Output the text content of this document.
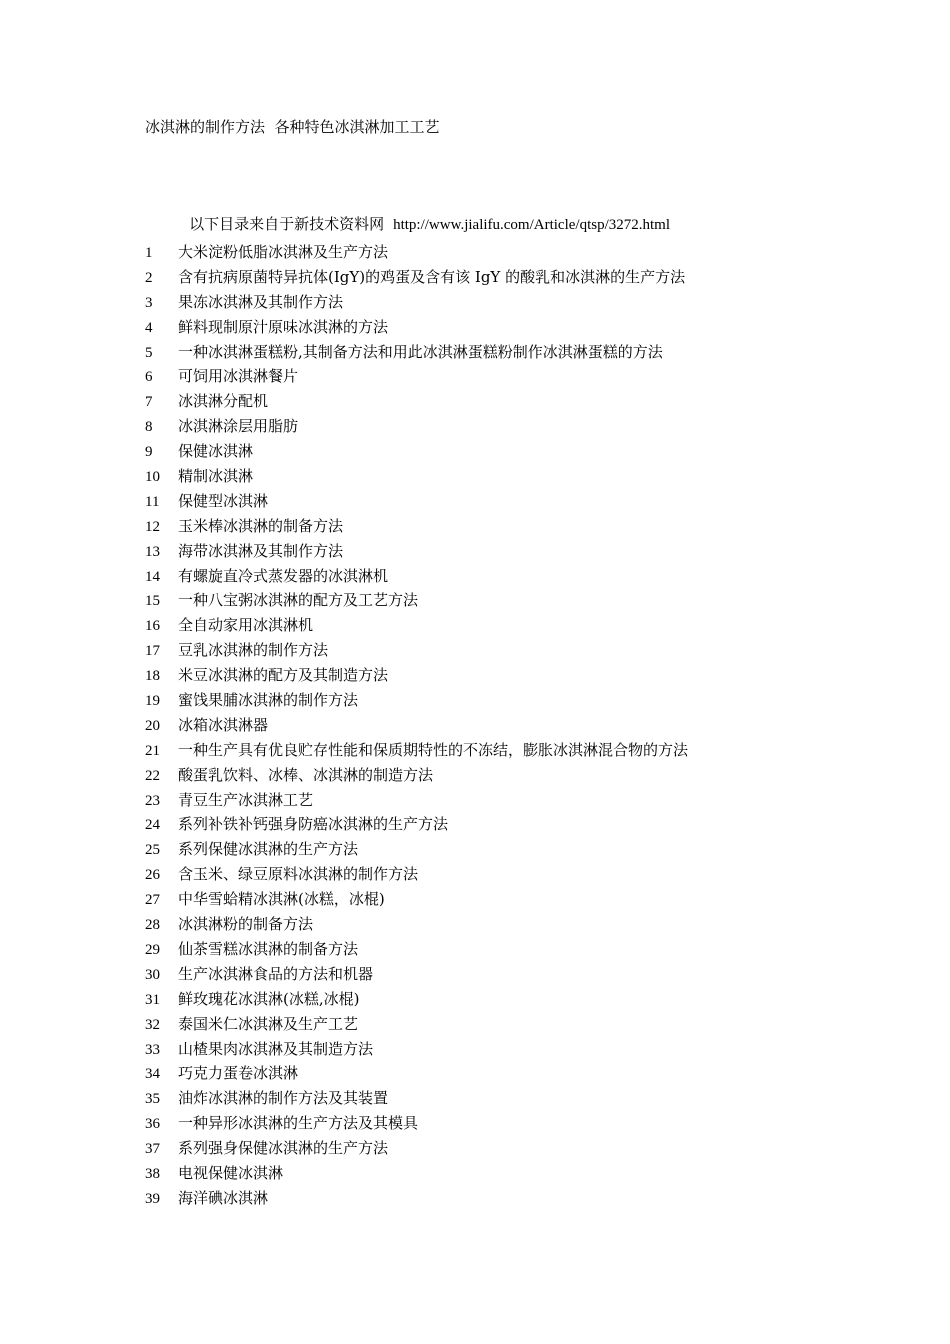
冰淇淋的制作方法  各种特色冰淇淋加工工艺

以下目录来自于新技术资料网 http://www.jialifu.com/Article/qtsp/3272.html

1	大米淀粉低脂冰淇淋及生产方法
2	含有抗病原菌特异抗体(IgY)的鸡蛋及含有该 IgY 的酸乳和冰淇淋的生产方法
3	果冻冰淇淋及其制作方法
4	鲜料现制原汁原味冰淇淋的方法
5	一种冰淇淋蛋糕粉,其制备方法和用此冰淇淋蛋糕粉制作冰淇淋蛋糕的方法
6	可饲用冰淇淋餐片
7	冰淇淋分配机
8	冰淇淋涂层用脂肪
9	保健冰淇淋
10	精制冰淇淋
11	保健型冰淇淋
12	玉米棒冰淇淋的制备方法
13	海带冰淇淋及其制作方法
14	有螺旋直冷式蒸发器的冰淇淋机
15	一种八宝粥冰淇淋的配方及工艺方法
16	全自动家用冰淇淋机
17	豆乳冰淇淋的制作方法
18	米豆冰淇淋的配方及其制造方法
19	蜜饯果脯冰淇淋的制作方法
20	冰箱冰淇淋器
21	一种生产具有优良贮存性能和保质期特性的不冻结，膨胀冰淇淋混合物的方法
22	酸蛋乳饮料、冰棒、冰淇淋的制造方法
23	青豆生产冰淇淋工艺
24	系列补铁补钙强身防癌冰淇淋的生产方法
25	系列保健冰淇淋的生产方法
26	含玉米、绿豆原料冰淇淋的制作方法
27	中华雪蛤精冰淇淋(冰糕，冰棍)
28	冰淇淋粉的制备方法
29	仙茶雪糕冰淇淋的制备方法
30	生产冰淇淋食品的方法和机器
31	鲜玫瑰花冰淇淋(冰糕,冰棍)
32	泰国米仁冰淇淋及生产工艺
33	山楂果肉冰淇淋及其制造方法
34	巧克力蛋卷冰淇淋
35	油炸冰淇淋的制作方法及其装置
36	一种异形冰淇淋的生产方法及其模具
37	系列强身保健冰淇淋的生产方法
38	电视保健冰淇淋
39	海洋碘冰淇淋
